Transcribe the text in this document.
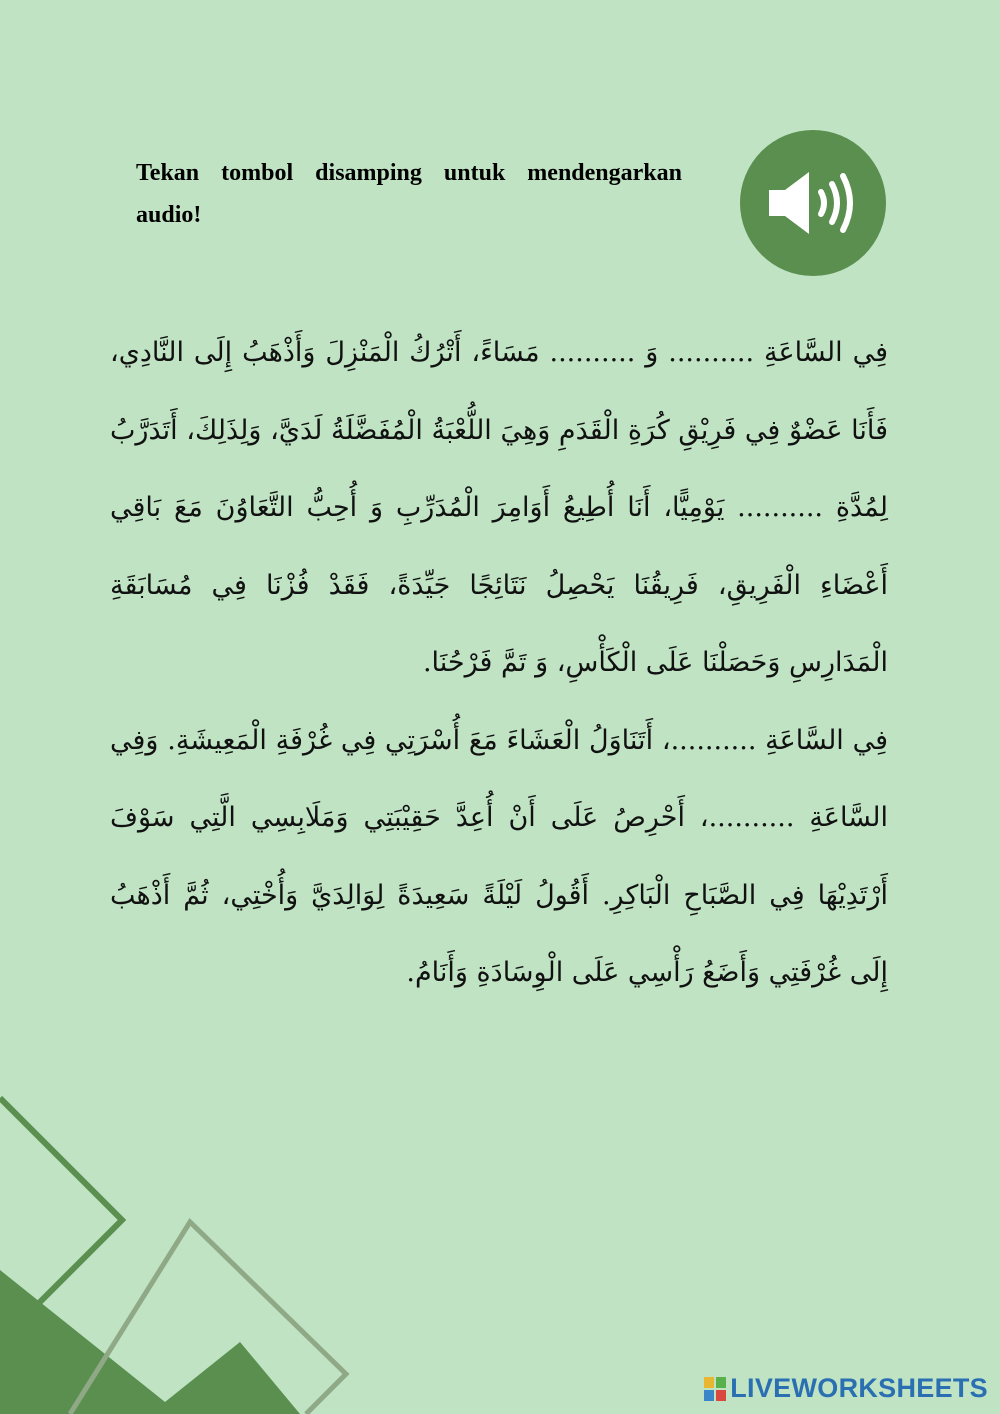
Tekan tombol disamping untuk mendengarkan audio!

فِي السَّاعَةِ .......... وَ .......... مَسَاءً، أَتْرُكُ الْمَنْزِلَ وَأَذْهَبُ إِلَى النَّادِي، فَأَنَا عَضْوٌ فِي فَرِيْقِ كُرَةِ الْقَدَمِ وَهِيَ اللُّعْبَةُ الْمُفَضَّلَةُ لَدَيَّ، وَلِذَلِكَ، أَتَدَرَّبُ لِمُدَّةِ .......... يَوْمِيًّا، أَنَا أُطِيعُ أَوَامِرَ الْمُدَرِّبِ وَ أُحِبُّ التَّعَاوُنَ مَعَ بَاقِي أَعْضَاءِ الْفَرِيقِ، فَرِيقُنَا يَحْصِلُ نَتَائِجًا جَيِّدَةً، فَقَدْ فُزْنَا فِي مُسَابَقَةِ الْمَدَارِسِ وَحَصَلْنَا عَلَى الْكَأْسِ، وَ تَمَّ فَرْحُنَا.

فِي السَّاعَةِ ..........، أَتَنَاوَلُ الْعَشَاءَ مَعَ أُسْرَتِي فِي غُرْفَةِ الْمَعِيشَةِ. وَفِي السَّاعَةِ ..........، أَحْرِصُ عَلَى أَنْ أُعِدَّ حَقِيْبَتِي وَمَلَابِسِي الَّتِي سَوْفَ أَرْتَدِيْهَا فِي الصَّبَاحِ الْبَاكِرِ. أَقُولُ لَيْلَةً سَعِيدَةً لِوَالِدَيَّ وَأُخْتِي، ثُمَّ أَذْهَبُ إِلَى غُرْفَتِي وَأَضَعُ رَأْسِي عَلَى الْوِسَادَةِ وَأَنَامُ.

LIVEWORKSHEETS
